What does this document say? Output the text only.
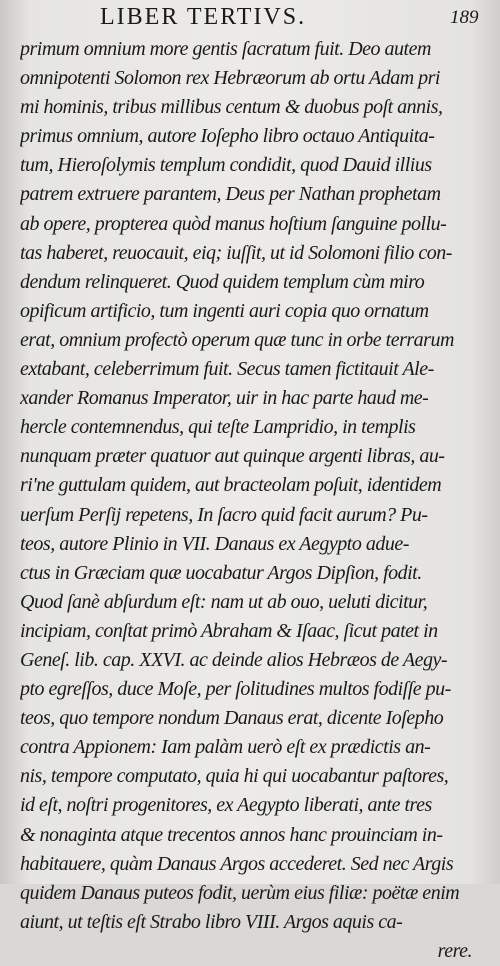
LIBER TERTIVS.	189
primum omnium more gentis ſacratum fuit. Deo autem
omnipotenti Solomon rex Hebræorum ab ortu Adam pri
mi hominis, tribus millibus centum & duobus poſt annis,
primus omnium, autore Ioſepho libro octauo Antiquita-
tum, Hieroſolymis templum condidit, quod Dauid illius
patrem extruere parantem, Deus per Nathan prophetam
ab opere, propterea quòd manus hoſtium ſanguine pollu-
tas haberet, reuocauit, eiq; iuſſit, ut id Solomoni filio con-
dendum relinqueret. Quod quidem templum cùm miro
opificum artificio, tum ingenti auri copia quo ornatum
erat, omnium profectò operum quæ tunc in orbe terrarum
extabant, celeberrimum fuit. Secus tamen fictitauit Ale-
xander Romanus Imperator, uir in hac parte haud me-
hercle contemnendus, qui teſte Lampridio, in templis
nunquam præter quatuor aut quinque argenti libras, au-
ri'ne guttulam quidem, aut bracteolam poſuit, identidem
uerſum Perſij repetens, In ſacro quid facit aurum? Pu-
teos, autore Plinio in VII. Danaus ex Aegypto adue-
ctus in Græciam quæ uocabatur Argos Dipſion, fodit.
Quod ſanè abſurdum eſt: nam ut ab ouo, ueluti dicitur,
incipiam, conſtat primò Abraham & Iſaac, ſicut patet in
Geneſ. lib. cap. XXVI. ac deinde alios Hebræos de Aegy-
pto egreſſos, duce Moſe, per ſolitudines multos fodiſſe pu-
teos, quo tempore nondum Danaus erat, dicente Ioſepho
contra Appionem: Iam palàm uerò eſt ex prædictis an-
nis, tempore computato, quia hi qui uocabantur paſtores,
id eſt, noſtri progenitores, ex Aegypto liberati, ante tres
& nonaginta atque trecentos annos hanc prouinciam in-
habitauere, quàm Danaus Argos accederet. Sed nec Argis
quidem Danaus puteos fodit, uerùm eius filiæ: poëtæ enim
aiunt, ut teſtis eſt Strabo libro VIII. Argos aquis ca-
rere.
